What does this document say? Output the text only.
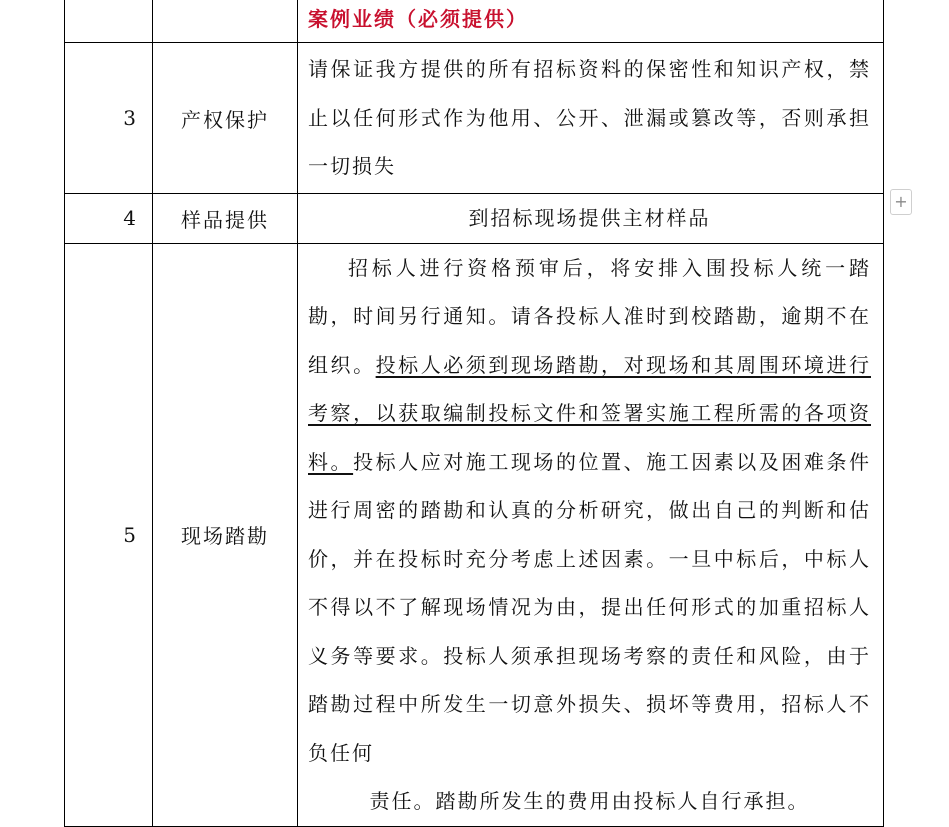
		案例业绩（必须提供）
3	产权保护	请保证我方提供的所有招标资料的保密性和知识产权，禁止以任何形式作为他用、公开、泄漏或篡改等，否则承担一切损失
4	样品提供	到招标现场提供主材样品
5	现场踏勘	招标人进行资格预审后，将安排入围投标人统一踏勘，时间另行通知。请各投标人准时到校踏勘，逾期不在组织。投标人必须到现场踏勘，对现场和其周围环境进行考察，以获取编制投标文件和签署实施工程所需的各项资料。投标人应对施工现场的位置、施工因素以及困难条件进行周密的踏勘和认真的分析研究，做出自己的判断和估价，并在投标时充分考虑上述因素。一旦中标后，中标人不得以不了解现场情况为由，提出任何形式的加重招标人义务等要求。投标人须承担现场考察的责任和风险，由于踏勘过程中所发生一切意外损失、损坏等费用，招标人不负任何
责任。踏勘所发生的费用由投标人自行承担。
+
